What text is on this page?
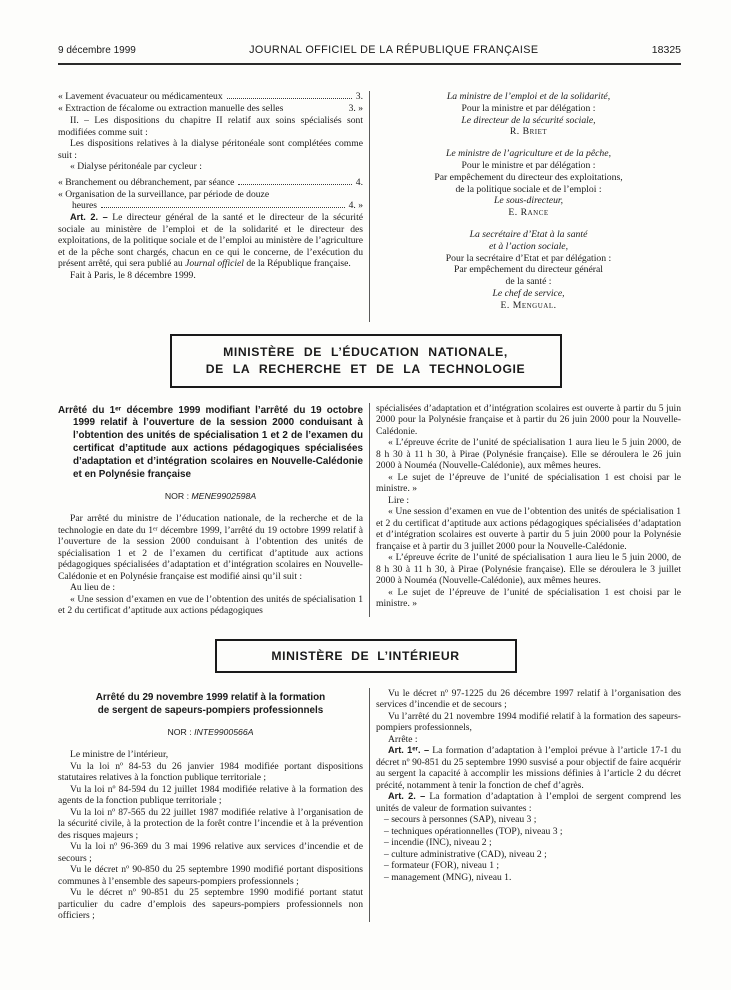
9 décembre 1999	JOURNAL OFFICIEL DE LA RÉPUBLIQUE FRANÇAISE	18325
« Lavement évacuateur ou médicamenteux	3.
« Extraction de fécalome ou extraction manuelle des selles	3. »

II. – Les dispositions du chapitre II relatif aux soins spécialisés sont modifiées comme suit :

Les dispositions relatives à la dialyse péritonéale sont complétées comme suit :

« Dialyse péritonéale par cycleur :

« Branchement ou débranchement, par séance	4.

« Organisation de la surveillance, par période de douze

heures	4. »

Art. 2. – Le directeur général de la santé et le directeur de la sécurité sociale au ministère de l’emploi et de la solidarité et le directeur des exploitations, de la politique sociale et de l’emploi au ministère de l’agriculture et de la pêche sont chargés, chacun en ce qui le concerne, de l’exécution du présent arrêté, qui sera publié au Journal officiel de la République française.

Fait à Paris, le 8 décembre 1999.

La ministre de l’emploi et de la solidarité,
Pour la ministre et par délégation :
Le directeur de la sécurité sociale,
R. Briet
Le ministre de l’agriculture et de la pêche,
Pour le ministre et par délégation :
Par empêchement du directeur des exploitations,
de la politique sociale et de l’emploi :
Le sous-directeur,
E. Rance
La secrétaire d’Etat à la santé
et à l’action sociale,
Pour la secrétaire d’Etat et par délégation :
Par empêchement du directeur général
de la santé :
Le chef de service,
E. Mengual.
MINISTÈRE DE L’ÉDUCATION NATIONALE,
DE LA RECHERCHE ET DE LA TECHNOLOGIE

Arrêté du 1ᵉʳ décembre 1999 modifiant l’arrêté du 19 octobre 1999 relatif à l’ouverture de la session 2000 conduisant à l’obtention des unités de spécialisation 1 et 2 de l’examen du certificat d’aptitude aux actions pédagogiques spécialisées d’adaptation et d’intégration scolaires en Nouvelle-Calédonie et en Polynésie française

NOR : MENE9902598A

Par arrêté du ministre de l’éducation nationale, de la recherche et de la technologie en date du 1ᵉʳ décembre 1999, l’arrêté du 19 octobre 1999 relatif à l’ouverture de la session 2000 conduisant à l’obtention des unités de spécialisation 1 et 2 de l’examen du certificat d’aptitude aux actions pédagogiques spécialisées d’adaptation et d’intégration scolaires en Nouvelle-Calédonie et en Polynésie française est modifié ainsi qu’il suit :

Au lieu de :

« Une session d’examen en vue de l’obtention des unités de spécialisation 1 et 2 du certificat d’aptitude aux actions pédagogiques

spécialisées d’adaptation et d’intégration scolaires est ouverte à partir du 5 juin 2000 pour la Polynésie française et à partir du 26 juin 2000 pour la Nouvelle-Calédonie.

« L’épreuve écrite de l’unité de spécialisation 1 aura lieu le 5 juin 2000, de 8 h 30 à 11 h 30, à Pirae (Polynésie française). Elle se déroulera le 26 juin 2000 à Nouméa (Nouvelle-Calédonie), aux mêmes heures.

« Le sujet de l’épreuve de l’unité de spécialisation 1 est choisi par le ministre. »

Lire :

« Une session d’examen en vue de l’obtention des unités de spécialisation 1 et 2 du certificat d’aptitude aux actions pédagogiques spécialisées d’adaptation et d’intégration scolaires est ouverte à partir du 5 juin 2000 pour la Polynésie française et à partir du 3 juillet 2000 pour la Nouvelle-Calédonie.

« L’épreuve écrite de l’unité de spécialisation 1 aura lieu le 5 juin 2000, de 8 h 30 à 11 h 30, à Pirae (Polynésie française). Elle se déroulera le 3 juillet 2000 à Nouméa (Nouvelle-Calédonie), aux mêmes heures.

« Le sujet de l’épreuve de l’unité de spécialisation 1 est choisi par le ministre. »

MINISTÈRE DE L’INTÉRIEUR

Arrêté du 29 novembre 1999 relatif à la formation
de sergent de sapeurs-pompiers professionnels

NOR : INTE9900566A

Le ministre de l’intérieur,

Vu la loi nº 84-53 du 26 janvier 1984 modifiée portant dispositions statutaires relatives à la fonction publique territoriale ;

Vu la loi nº 84-594 du 12 juillet 1984 modifiée relative à la formation des agents de la fonction publique territoriale ;

Vu la loi nº 87-565 du 22 juillet 1987 modifiée relative à l’organisation de la sécurité civile, à la protection de la forêt contre l’incendie et à la prévention des risques majeurs ;

Vu la loi nº 96-369 du 3 mai 1996 relative aux services d’incendie et de secours ;

Vu le décret nº 90-850 du 25 septembre 1990 modifié portant dispositions communes à l’ensemble des sapeurs-pompiers professionnels ;

Vu le décret nº 90-851 du 25 septembre 1990 modifié portant statut particulier du cadre d’emplois des sapeurs-pompiers professionnels non officiers ;

Vu le décret nº 97-1225 du 26 décembre 1997 relatif à l’organisation des services d’incendie et de secours ;

Vu l’arrêté du 21 novembre 1994 modifié relatif à la formation des sapeurs-pompiers professionnels,

Arrête :

Art. 1ᵉʳ. – La formation d’adaptation à l’emploi prévue à l’article 17-1 du décret nº 90-851 du 25 septembre 1990 susvisé a pour objectif de faire acquérir au sergent la capacité à accomplir les missions définies à l’article 2 du décret précité, notamment à tenir la fonction de chef d’agrès.

Art. 2. – La formation d’adaptation à l’emploi de sergent comprend les unités de valeur de formation suivantes :

– secours à personnes (SAP), niveau 3 ;

– techniques opérationnelles (TOP), niveau 3 ;

– incendie (INC), niveau 2 ;

– culture administrative (CAD), niveau 2 ;

– formateur (FOR), niveau 1 ;

– management (MNG), niveau 1.
